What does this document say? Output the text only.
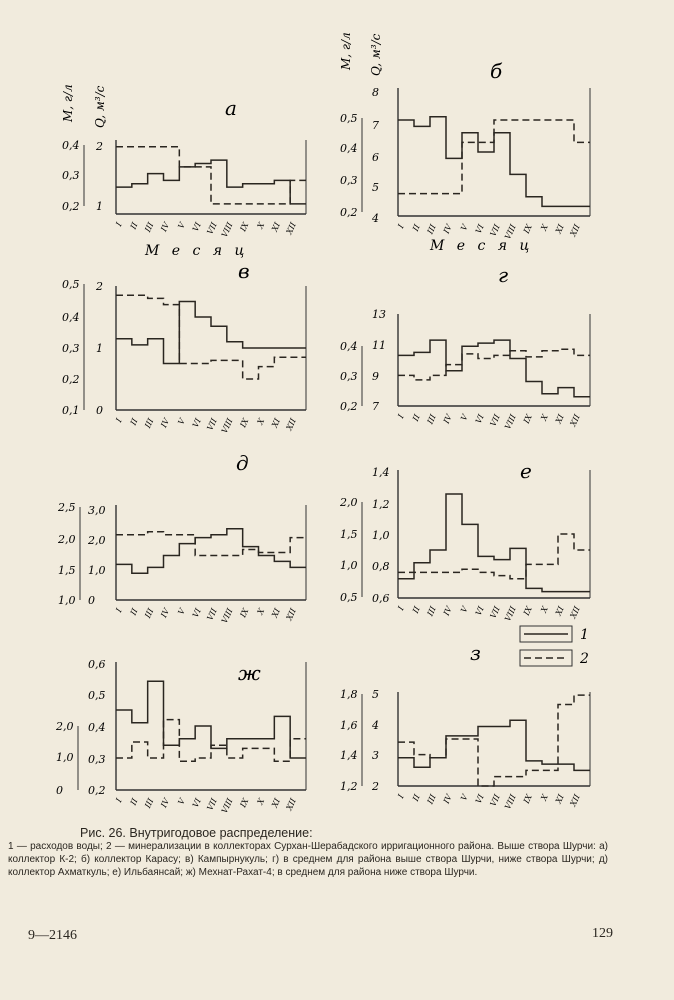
0,4
0,3
0,2
2
1
M, г/л Q, м³/с	а
I II III IV V VI VII VIII IX X XI XII
М е с я ц
0,5
0,4
0,3
0,2
8
7
6
5
4
M, г/л Q, м³/с	б
I II III IV V VI VII VIII IX X XI XII
М е с я ц
0,5
0,4
0,3
0,2
0,1
2
1
0
в
I II III IV V VI VII VIII IX X XI XII
0,4
0,3
0,2
13
11
9
7
г
I II III IV V VI VII VIII IX X XI XII
2,5
2,0
1,5
1,0
3,0
2,0
1,0
0
д
I II III IV V VI VII VIII IX X XI XII
2,0
1,5
1,0
0,5
1,4
1,2
1,0
0,8
0,6
е
I II III IV V VI VII VIII IX X XI XII
2,0
1,0
0
0,6
0,5
0,4
0,3
0,2
ж
I II III IV V VI VII VIII IX X XI XII
1,8
1,6
1,4
1,2
5
4
3
2
з
I II III IV V VI VII VIII IX X XI XII
1
2
Рис. 26. Внутригодовое распределение:
1 — расходов воды; 2 — минерализации в коллекторах Сурхан-Шерабадского ирригационного района. Выше створа Шурчи: а) коллектор К-2; б) коллектор Карасу; в) Кампырнукуль; г) в среднем для района выше створа Шурчи, ниже створа Шурчи; д) коллектор Ахматкуль; е) Ильбаянсай; ж) Мехнат-Рахат-4; в среднем для района ниже створа Шурчи.
9—2146	129
